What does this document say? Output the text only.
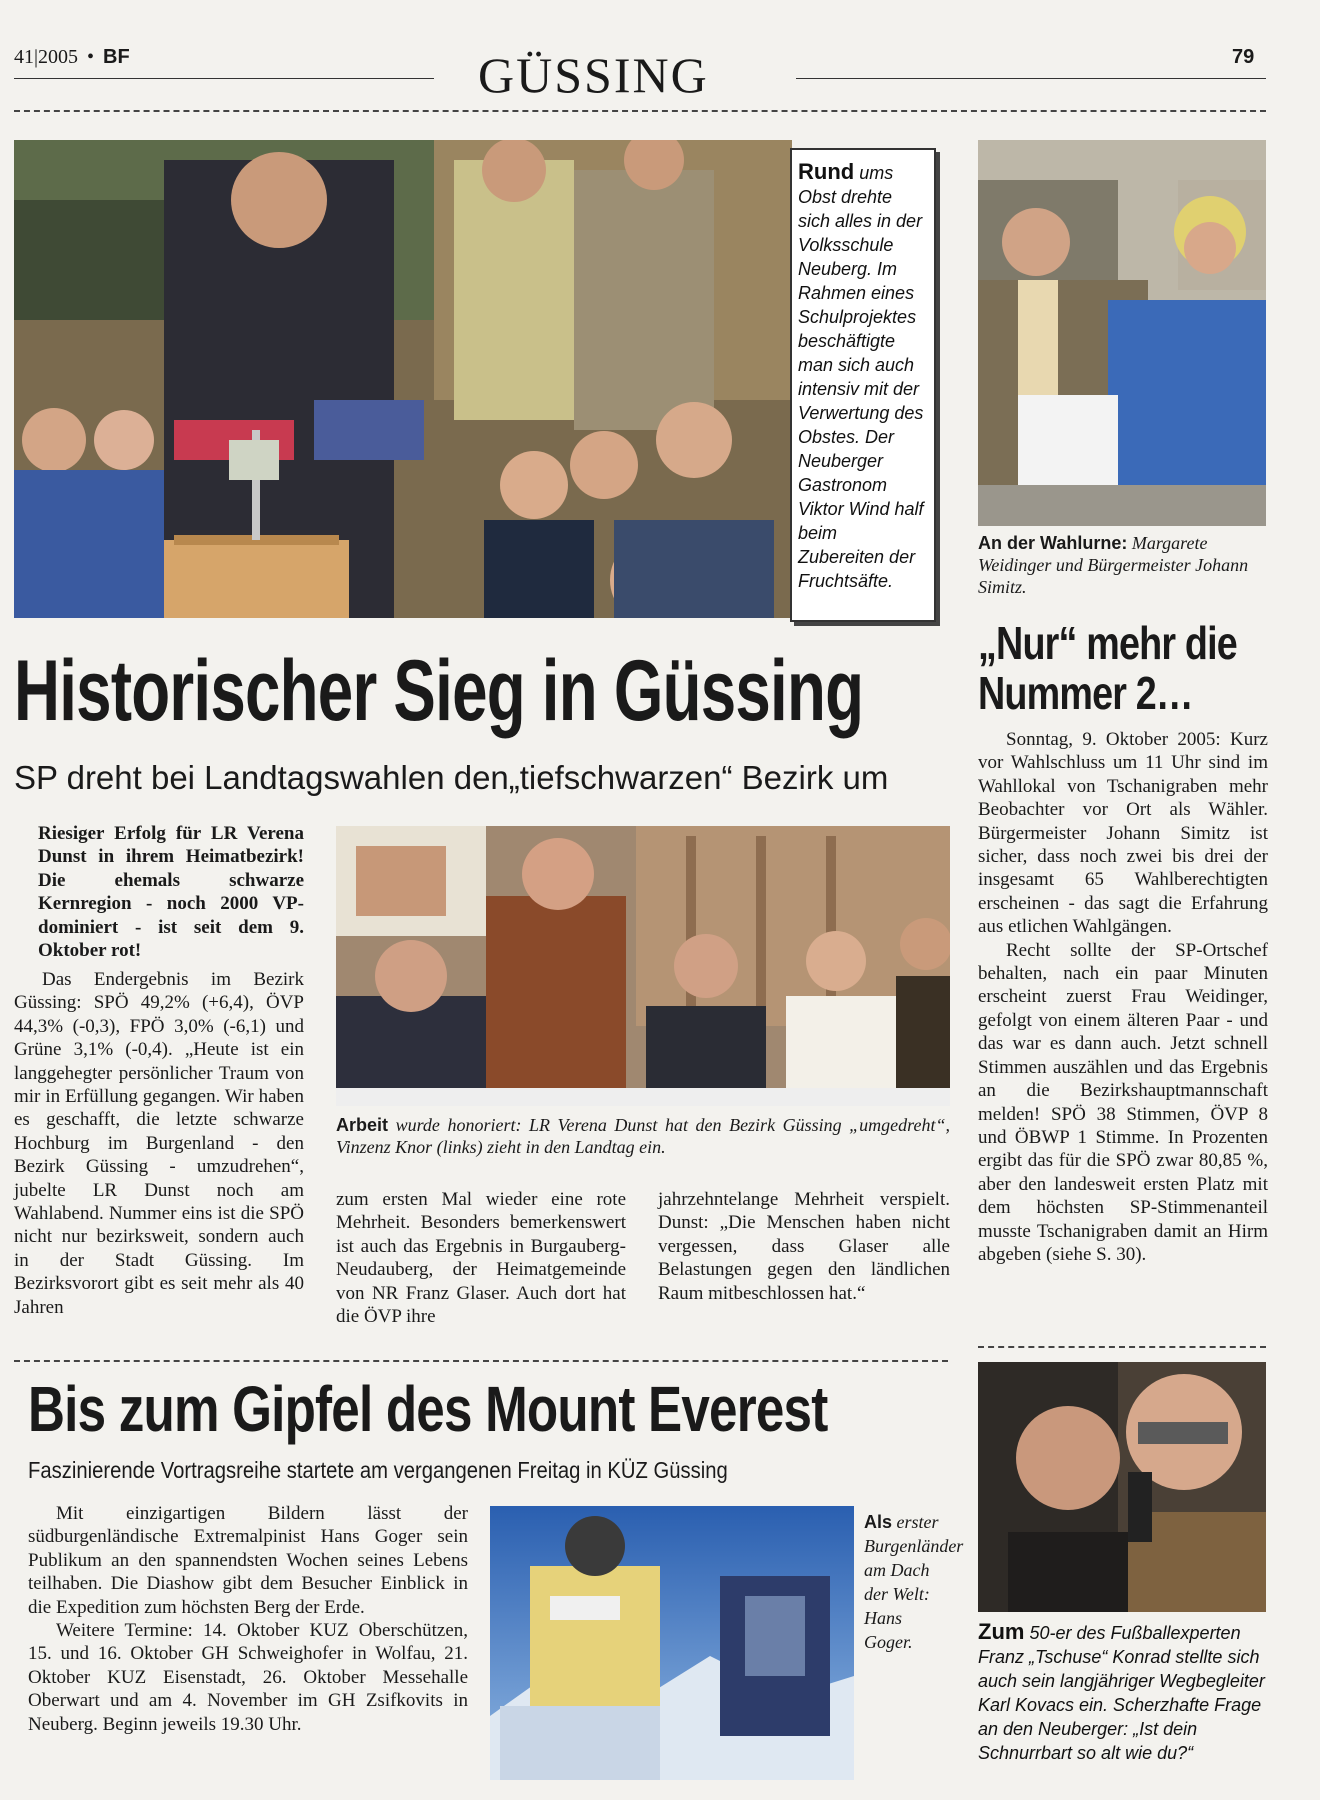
41|2005 • BF	GÜSSING	79
Rund ums Obst drehte sich alles in der Volksschule Neuberg. Im Rahmen eines Schulprojektes beschäftigte man sich auch intensiv mit der Verwertung des Obstes. Der Neuberger Gastronom Viktor Wind half beim Zubereiten der Fruchtsäfte.
An der Wahlurne: Margarete Weidinger und Bürgermeister Johann Simitz.
Historischer Sieg in Güssing
SP dreht bei Landtagswahlen den„tiefschwarzen“ Bezirk um
Riesiger Erfolg für LR Verena Dunst in ihrem Heimatbezirk! Die ehemals schwarze Kernregion - noch 2000 VP-dominiert - ist seit dem 9. Oktober rot!

Das Endergebnis im Bezirk Güssing: SPÖ 49,2% (+6,4), ÖVP 44,3% (-0,3), FPÖ 3,0% (-6,1) und Grüne 3,1% (-0,4). „Heute ist ein langgehegter persönlicher Traum von mir in Erfüllung gegangen. Wir haben es geschafft, die letzte schwarze Hochburg im Burgenland - den Bezirk Güssing - umzudrehen“, jubelte LR Dunst noch am Wahlabend. Nummer eins ist die SPÖ nicht nur bezirksweit, sondern auch in der Stadt Güssing. Im Bezirksvorort gibt es seit mehr als 40 Jahren

Arbeit wurde honoriert: LR Verena Dunst hat den Bezirk Güssing „umgedreht“, Vinzenz Knor (links) zieht in den Landtag ein.

zum ersten Mal wieder eine rote Mehrheit. Besonders bemerkenswert ist auch das Ergebnis in Burgauberg-Neudauberg, der Heimatgemeinde von NR Franz Glaser. Auch dort hat die ÖVP ihre

jahrzehntelange Mehrheit verspielt. Dunst: „Die Menschen haben nicht vergessen, dass Glaser alle Belastungen gegen den ländlichen Raum mitbeschlossen hat.“

„Nur“ mehr die
Nummer 2…

Sonntag, 9. Oktober 2005: Kurz vor Wahlschluss um 11 Uhr sind im Wahllokal von Tschanigraben mehr Beobachter vor Ort als Wähler. Bürgermeister Johann Simitz ist sicher, dass noch zwei bis drei der insgesamt 65 Wahlberechtigten erscheinen - das sagt die Erfahrung aus etlichen Wahlgängen.

Recht sollte der SP-Ortschef behalten, nach ein paar Minuten erscheint zuerst Frau Weidinger, gefolgt von einem älteren Paar - und das war es dann auch. Jetzt schnell Stimmen auszählen und das Ergebnis an die Bezirkshauptmannschaft melden! SPÖ 38 Stimmen, ÖVP 8 und ÖBWP 1 Stimme. In Prozenten ergibt das für die SPÖ zwar 80,85 %, aber den landesweit ersten Platz mit dem höchsten SP-Stimmenanteil musste Tschanigraben damit an Hirm abgeben (siehe S. 30).

Bis zum Gipfel des Mount Everest
Faszinierende Vortragsreihe startete am vergangenen Freitag in KÜZ Güssing

Mit einzigartigen Bildern lässt der südburgenländische Extremalpinist Hans Goger sein Publikum an den spannendsten Wochen seines Lebens teilhaben. Die Diashow gibt dem Besucher Einblick in die Expedition zum höchsten Berg der Erde.

Weitere Termine: 14. Oktober KUZ Oberschützen, 15. und 16. Oktober GH Schweighofer in Wolfau, 21. Oktober KUZ Eisenstadt, 26. Oktober Messehalle Oberwart und am 4. November im GH Zsifkovits in Neuberg. Beginn jeweils 19.30 Uhr.

Als erster Burgenländer am Dach der Welt: Hans Goger.	Zum 50-er des Fußballexperten Franz „Tschuse“ Konrad stellte sich auch sein langjähriger Wegbegleiter Karl Kovacs ein. Scherzhafte Frage an den Neuberger: „Ist dein Schnurrbart so alt wie du?“
